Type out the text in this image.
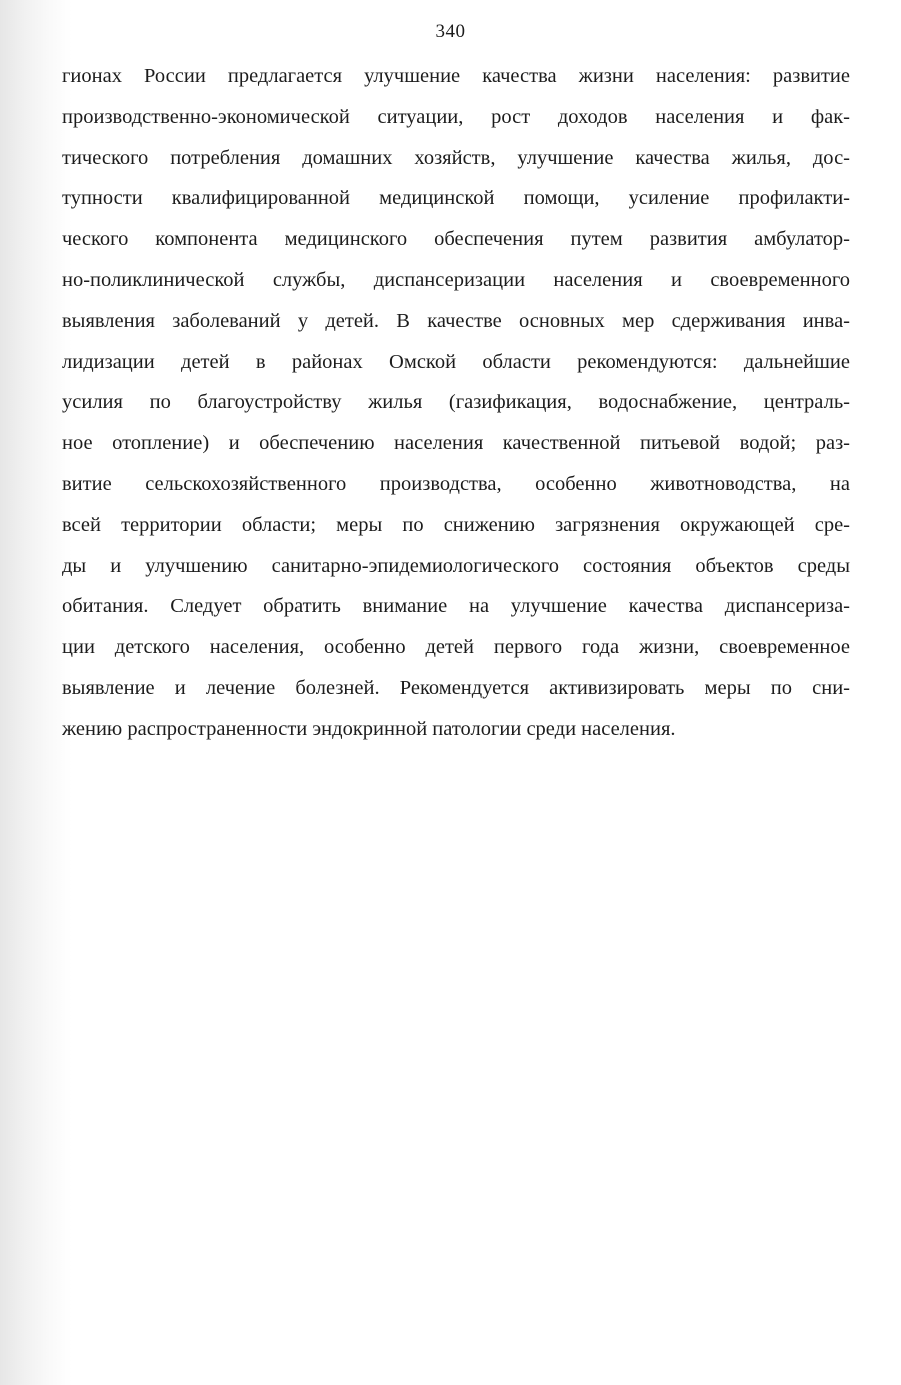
340
гионах России предлагается улучшение качества жизни населения: развитие
производственно-экономической ситуации, рост доходов населения и фак-
тического потребления домашних хозяйств, улучшение качества жилья, дос-
тупности квалифицированной медицинской помощи, усиление профилакти-
ческого компонента медицинского обеспечения путем развития амбулатор-
но-поликлинической службы, диспансеризации населения и своевременного
выявления заболеваний у детей. В качестве основных мер сдерживания инва-
лидизации детей в районах Омской области рекомендуются: дальнейшие
усилия по благоустройству жилья (газификация, водоснабжение, централь-
ное отопление) и обеспечению населения качественной питьевой водой; раз-
витие сельскохозяйственного производства, особенно животноводства, на
всей территории области; меры по снижению загрязнения окружающей сре-
ды и улучшению санитарно-эпидемиологического состояния объектов среды
обитания. Следует обратить внимание на улучшение качества диспансериза-
ции детского населения, особенно детей первого года жизни, своевременное
выявление и лечение болезней. Рекомендуется активизировать меры по сни-
жению распространенности эндокринной патологии среди населения.
